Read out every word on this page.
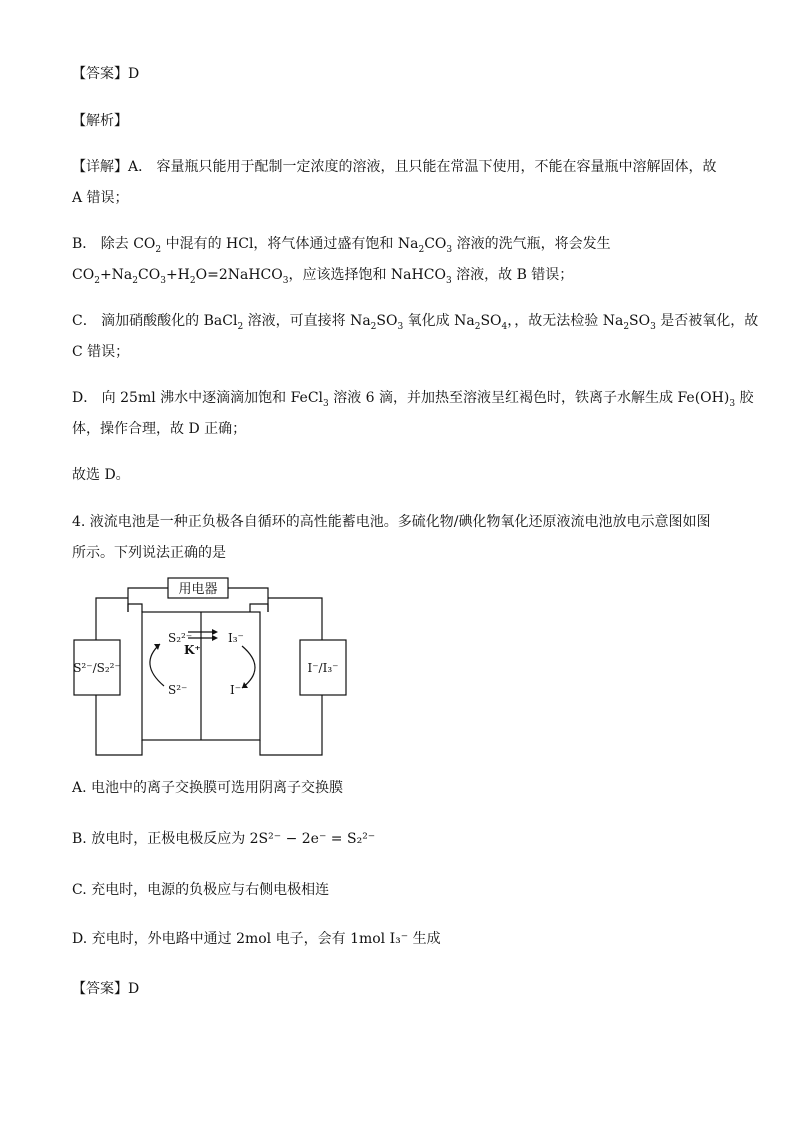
【答案】D
【解析】
【详解】A． 容量瓶只能用于配制一定浓度的溶液，且只能在常温下使用，不能在容量瓶中溶解固体，故
A 错误；
B． 除去 $CO_2$ 中混有的 HCl，将气体通过盛有饱和 $Na_2CO_3$ 溶液的洗气瓶，将会发生
$CO_2+Na_2CO_3+H_2O=2NaHCO_3$，应该选择饱和 NaHCO$_3$ 溶液，故 B 错误；
C． 滴加硝酸酸化的 BaCl$_2$ 溶液，可直接将 $Na_2SO_3$ 氧化成 $Na_2SO_4$，，故无法检验 $Na_2SO_3$ 是否被氧化，故
C 错误；
D． 向 25ml 沸水中逐滴滴加饱和 FeCl$_3$ 溶液 6 滴，并加热至溶液呈红褐色时，铁离子水解生成 $Fe(OH)_3$ 胶
体，操作合理，故 D 正确；
故选 D。
4. 液流电池是一种正负极各自循环的高性能蓄电池。多硫化物/碘化物氧化还原液流电池放电示意图如图
所示。下列说法正确的是
用电器
S²⁻/S₂²⁻	I⁻/I₃⁻
S₂²⁻
S²⁻
K⁺
I₃⁻
I⁻
A. 电池中的离子交换膜可选用阴离子交换膜
B. 放电时，正极电极反应为 2S²⁻ − 2e⁻ = S₂²⁻
C. 充电时，电源的负极应与右侧电极相连
D. 充电时，外电路中通过 2mol 电子，会有 1mol I₃⁻ 生成
【答案】D
